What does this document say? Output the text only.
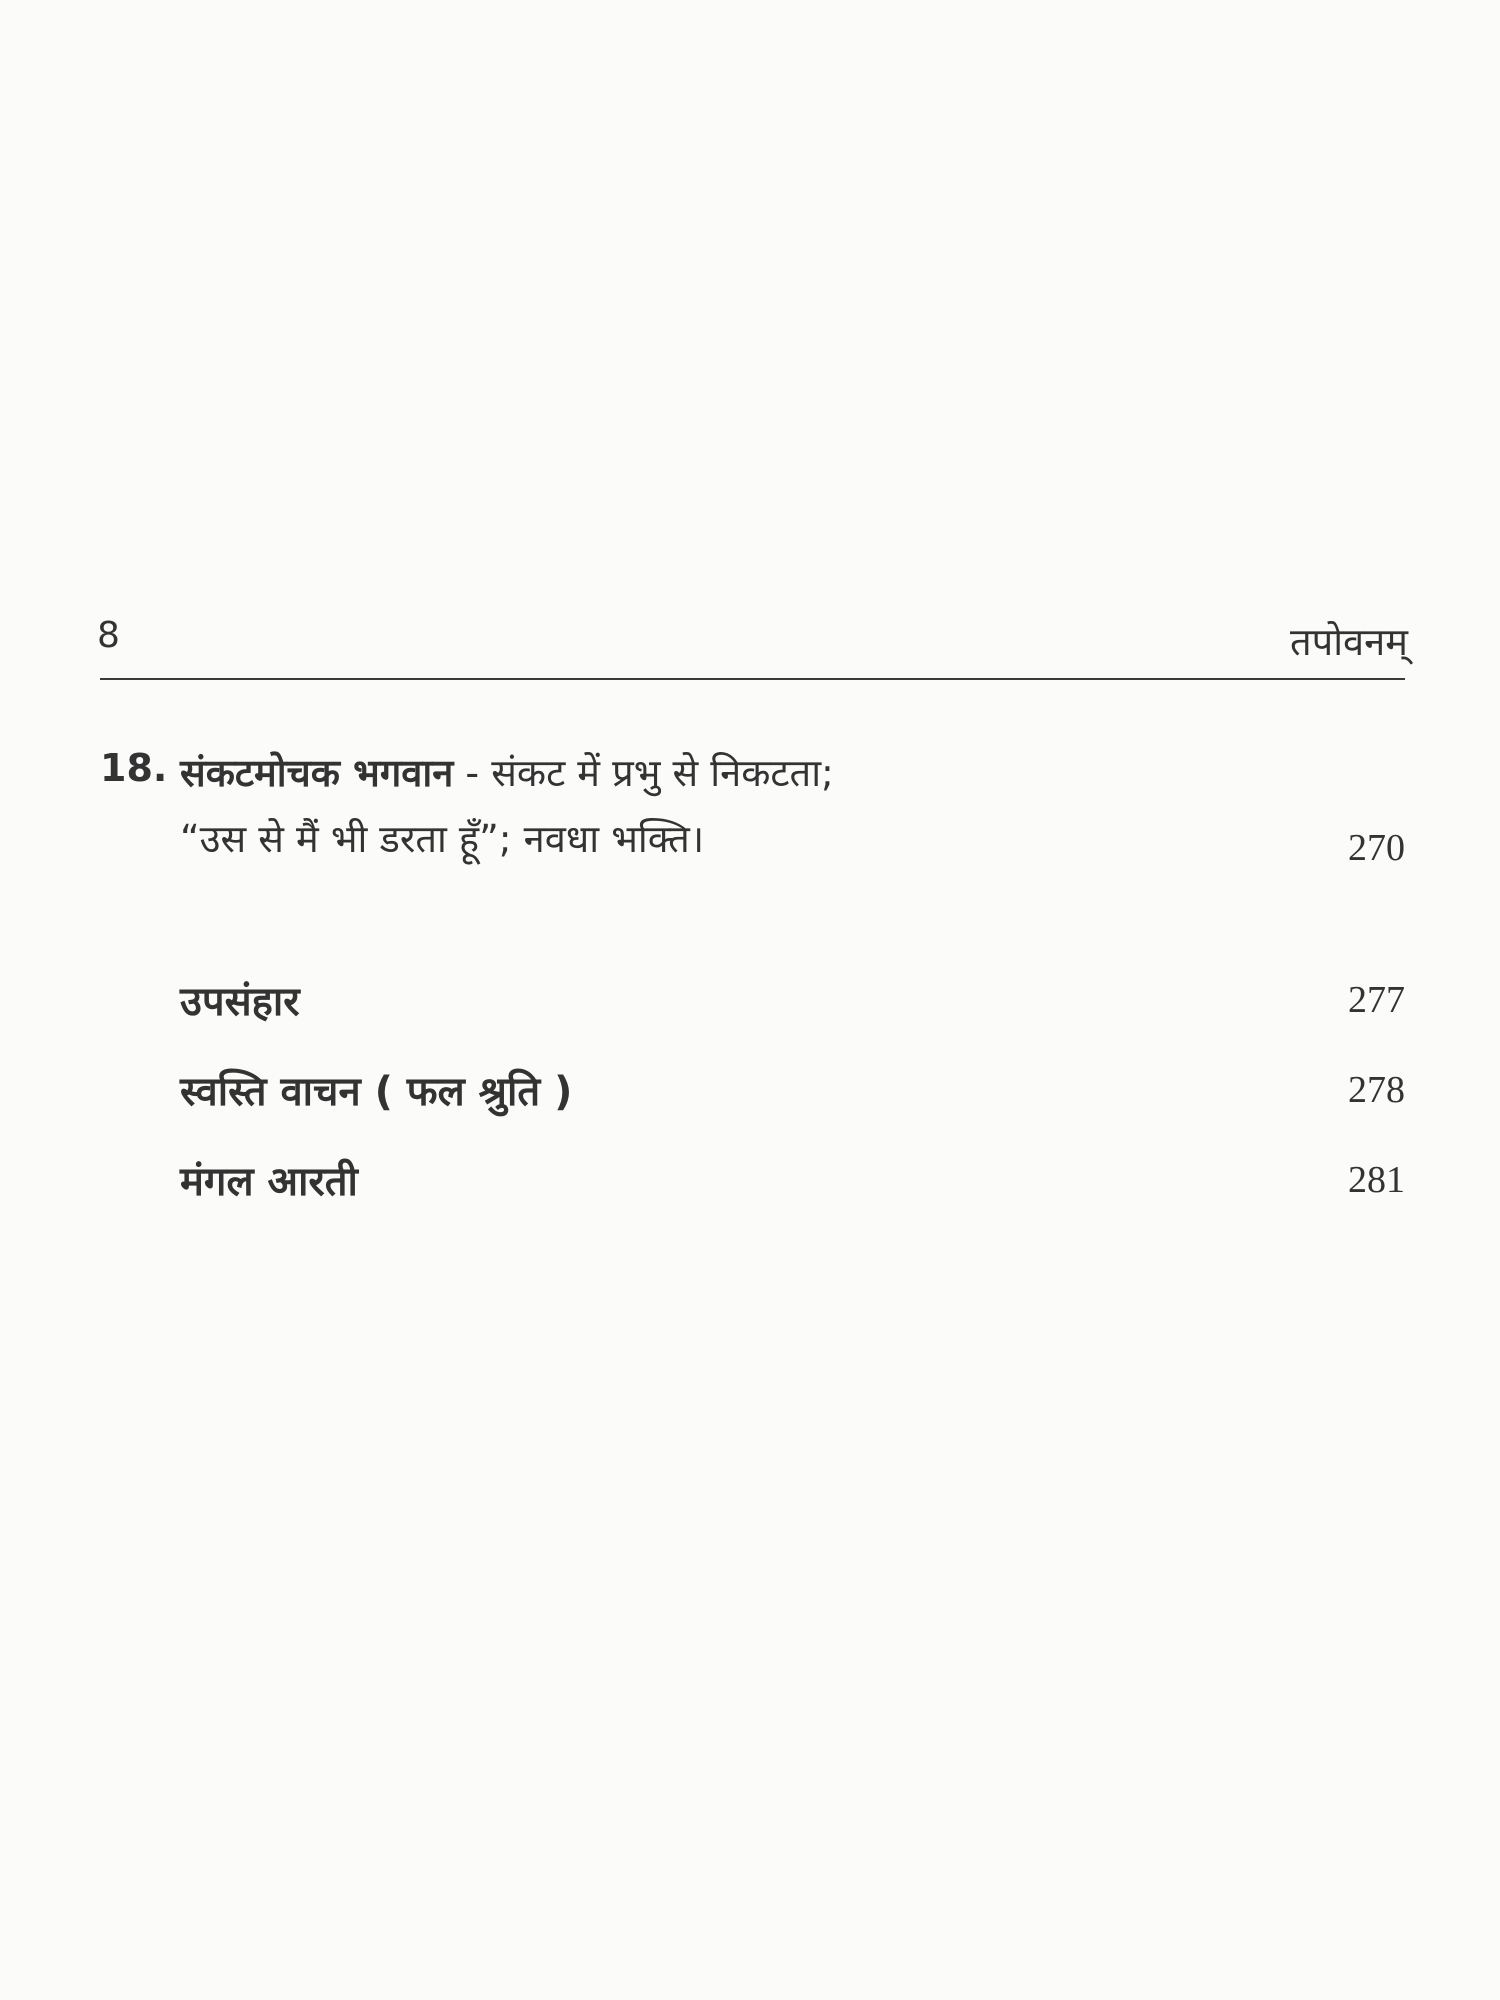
8	तपोवनम्
18. संकटमोचक भगवान - संकट में प्रभु से निकटता;
“उस से मैं भी डरता हूँ”; नवधा भक्ति।	270
उपसंहार	277
स्वस्ति वाचन ( फल श्रुति )	278
मंगल आरती	281
